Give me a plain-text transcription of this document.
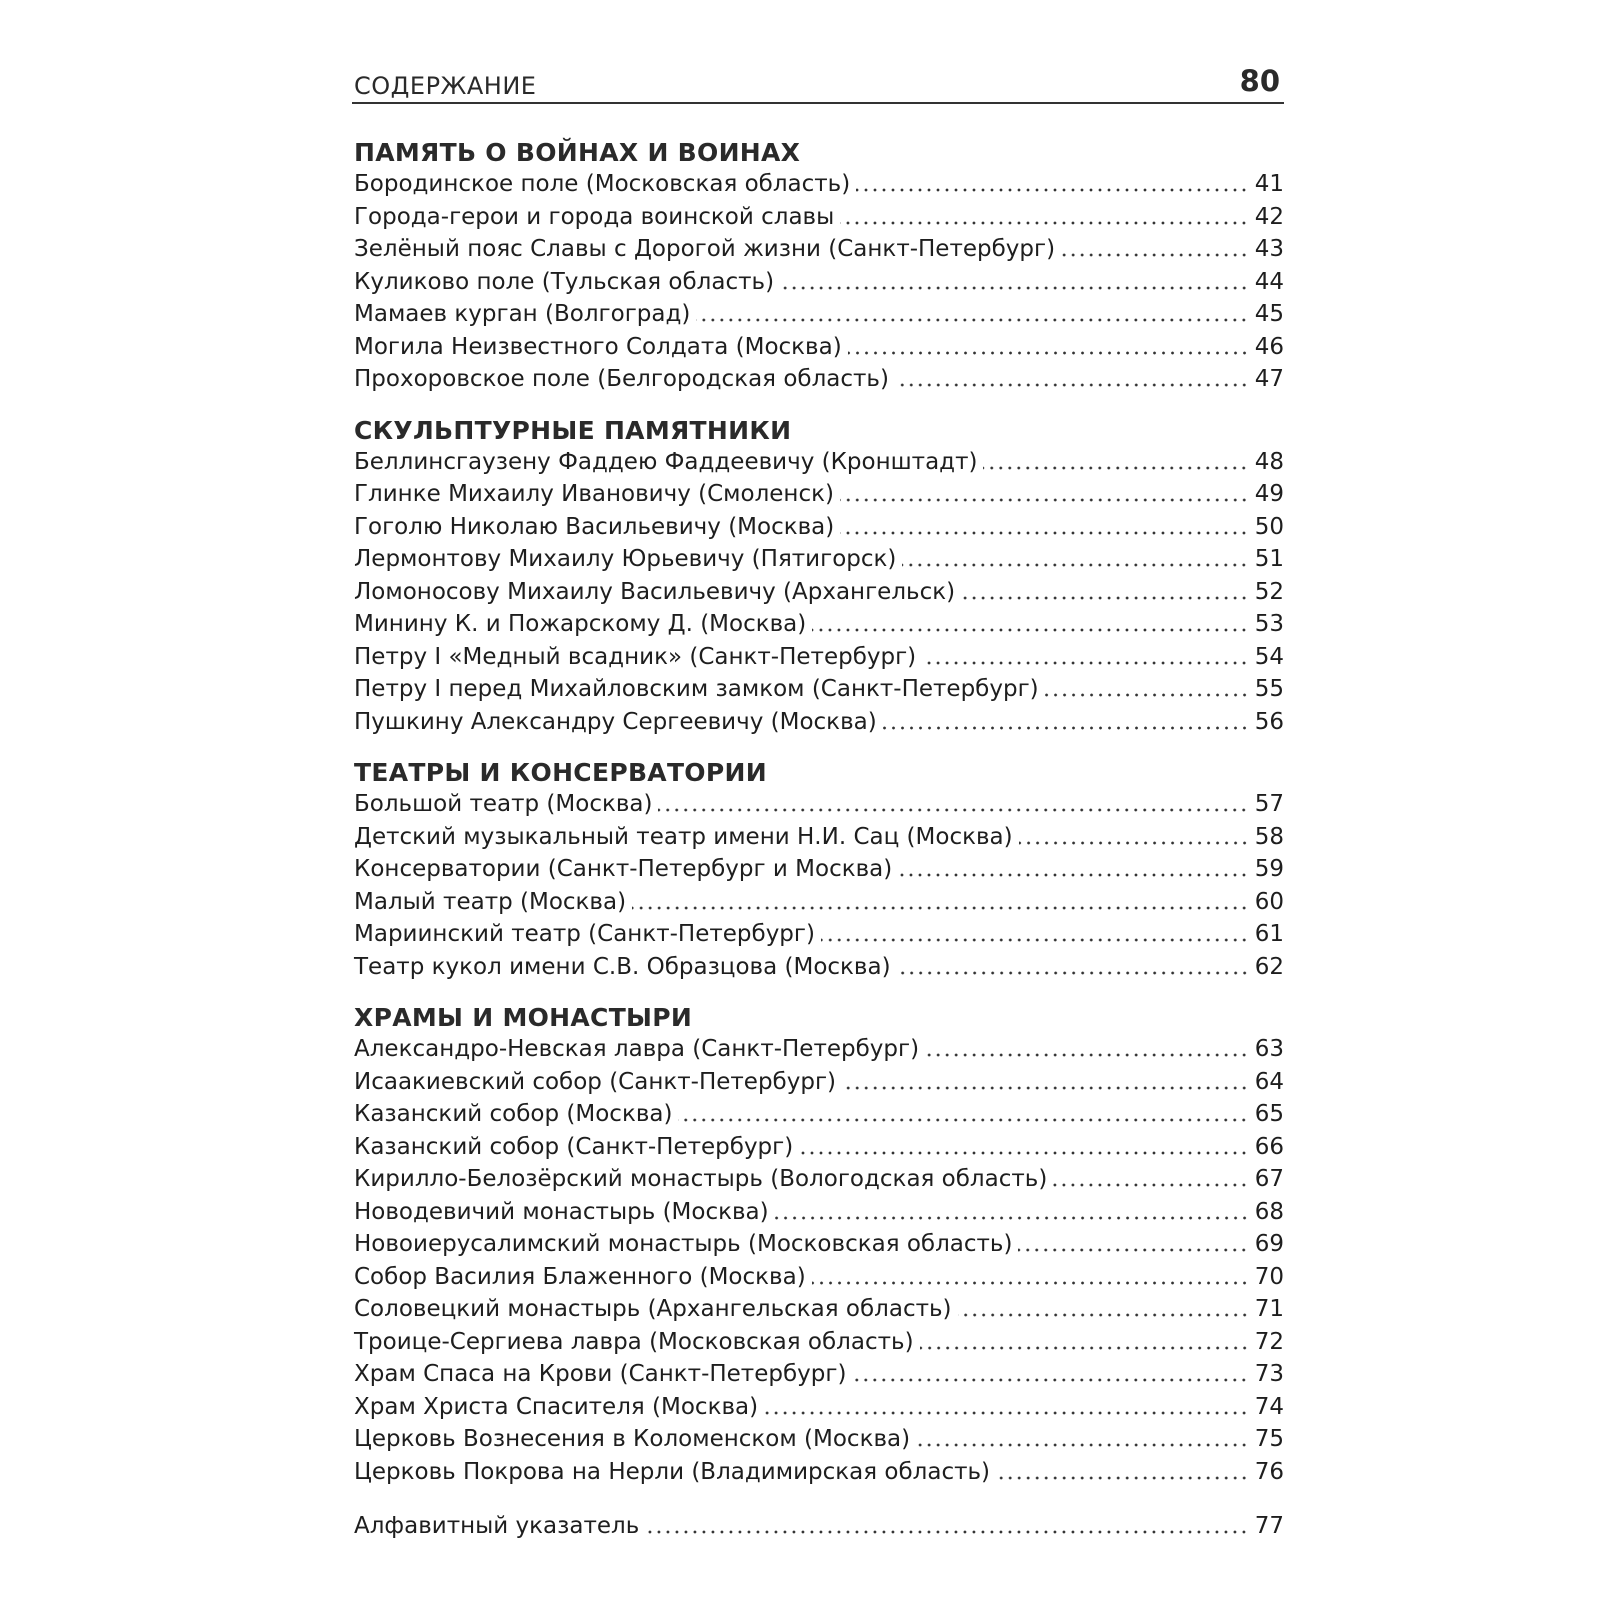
СОДЕРЖАНИЕ	80
ПАМЯТЬ О ВОЙНАХ И ВОИНАХ
Бородинское поле (Московская область)	41
Города-герои и города воинской славы	42
Зелёный пояс Славы с Дорогой жизни (Санкт-Петербург)	43
Куликово поле (Тульская область)	44
Мамаев курган (Волгоград)	45
Могила Неизвестного Солдата (Москва)	46
Прохоровское поле (Белгородская область)	47
СКУЛЬПТУРНЫЕ ПАМЯТНИКИ
Беллинсгаузену Фаддею Фаддеевичу (Кронштадт)	48
Глинке Михаилу Ивановичу (Смоленск)	49
Гоголю Николаю Васильевичу (Москва)	50
Лермонтову Михаилу Юрьевичу (Пятигорск)	51
Ломоносову Михаилу Васильевичу (Архангельск)	52
Минину К. и Пожарскому Д. (Москва)	53
Петру I «Медный всадник» (Санкт-Петербург)	54
Петру I перед Михайловским замком (Санкт-Петербург)	55
Пушкину Александру Сергеевичу (Москва)	56
ТЕАТРЫ И КОНСЕРВАТОРИИ
Большой театр (Москва)	57
Детский музыкальный театр имени Н.И. Сац (Москва)	58
Консерватории (Санкт-Петербург и Москва)	59
Малый театр (Москва)	60
Мариинский театр (Санкт-Петербург)	61
Театр кукол имени С.В. Образцова (Москва)	62
ХРАМЫ И МОНАСТЫРИ
Александро-Невская лавра (Санкт-Петербург)	63
Исаакиевский собор (Санкт-Петербург)	64
Казанский собор (Москва)	65
Казанский собор (Санкт-Петербург)	66
Кирилло-Белозёрский монастырь (Вологодская область)	67
Новодевичий монастырь (Москва)	68
Новоиерусалимский монастырь (Московская область)	69
Собор Василия Блаженного (Москва)	70
Соловецкий монастырь (Архангельская область)	71
Троице-Сергиева лавра (Московская область)	72
Храм Спаса на Крови (Санкт-Петербург)	73
Храм Христа Спасителя (Москва)	74
Церковь Вознесения в Коломенском (Москва)	75
Церковь Покрова на Нерли (Владимирская область)	76
Алфавитный указатель	77
